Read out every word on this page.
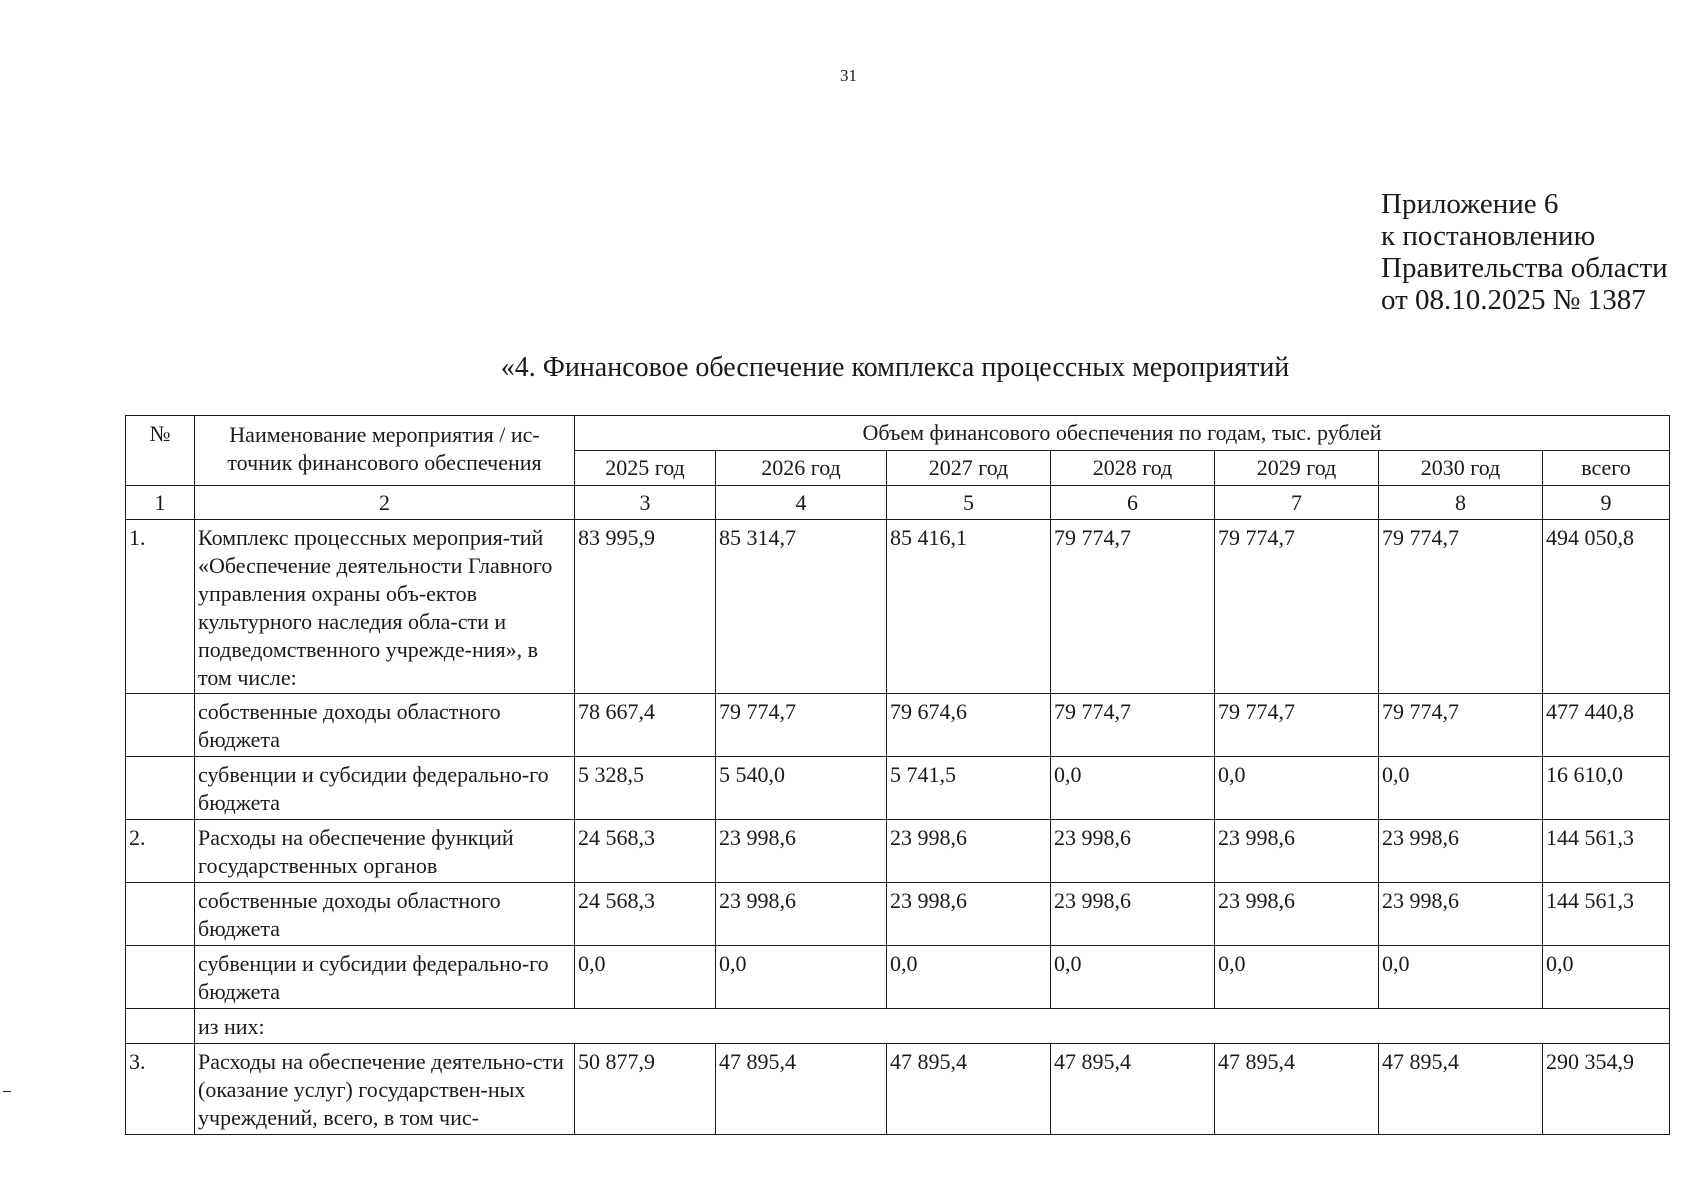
31
Приложение 6
к постановлению
Правительства области
от 08.10.2025 № 1387
«4. Финансовое обеспечение комплекса процессных мероприятий
№	Наименование мероприятия / ис-точник финансового обеспечения	Объем финансового обеспечения по годам, тыс. рублей						
		2025 год	2026 год	2027 год	2028 год	2029 год	2030 год	всего
1	2	3	4	5	6	7	8	9
1.	Комплекс процессных мероприя-тий «Обеспечение деятельности Главного управления охраны объ-ектов культурного наследия обла-сти и подведомственного учрежде-ния», в том числе:	83 995,9	85 314,7	85 416,1	79 774,7	79 774,7	79 774,7	494 050,8
	собственные доходы областного бюджета	78 667,4	79 774,7	79 674,6	79 774,7	79 774,7	79 774,7	477 440,8
	субвенции и субсидии федерально-го бюджета	5 328,5	5 540,0	5 741,5	0,0	0,0	0,0	16 610,0
2.	Расходы на обеспечение функций государственных органов	24 568,3	23 998,6	23 998,6	23 998,6	23 998,6	23 998,6	144 561,3
	собственные доходы областного бюджета	24 568,3	23 998,6	23 998,6	23 998,6	23 998,6	23 998,6	144 561,3
	субвенции и субсидии федерально-го бюджета	0,0	0,0	0,0	0,0	0,0	0,0	0,0
	из них:							
3.	Расходы на обеспечение деятельно-сти (оказание услуг) государствен-ных учреждений, всего, в том чис-	50 877,9	47 895,4	47 895,4	47 895,4	47 895,4	47 895,4	290 354,9
